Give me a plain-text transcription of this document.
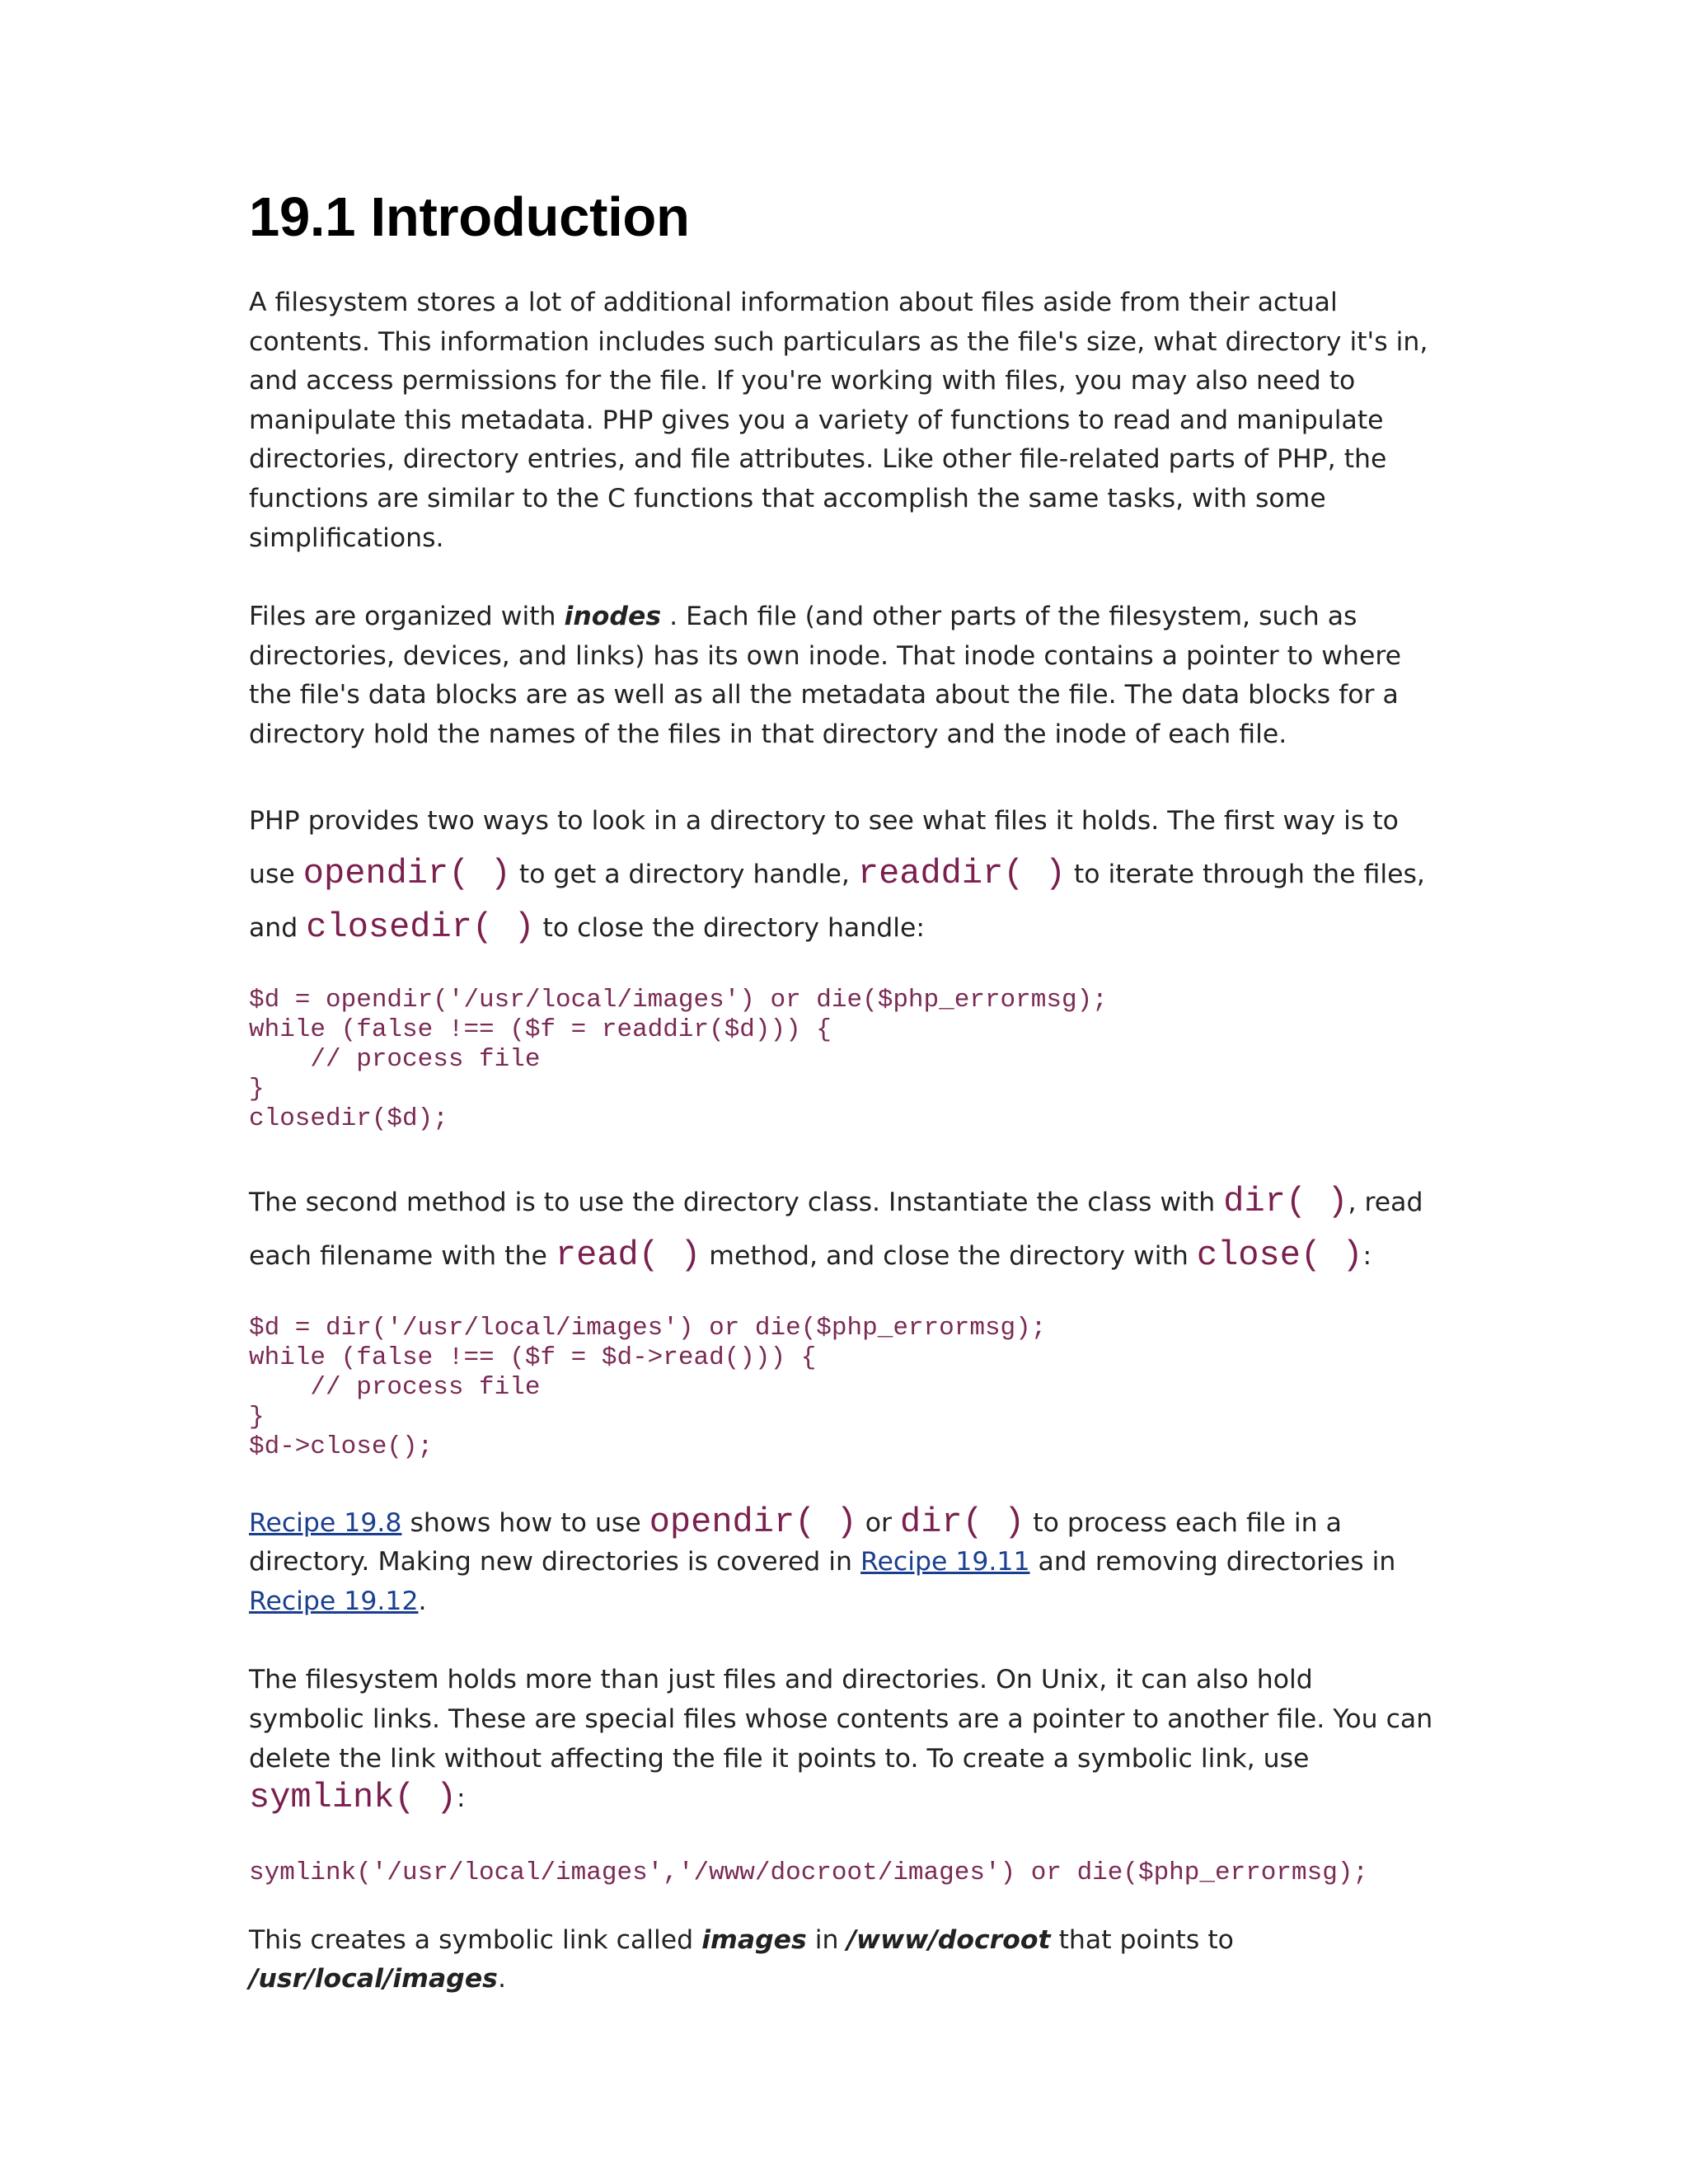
19.1 Introduction

A filesystem stores a lot of additional information about files aside from their actual contents. This information includes such particulars as the file's size, what directory it's in, and access permissions for the file. If you're working with files, you may also need to manipulate this metadata. PHP gives you a variety of functions to read and manipulate directories, directory entries, and file attributes. Like other file-related parts of PHP, the functions are similar to the C functions that accomplish the same tasks, with some simplifications.

Files are organized with inodes . Each file (and other parts of the filesystem, such as directories, devices, and links) has its own inode. That inode contains a pointer to where the file's data blocks are as well as all the metadata about the file. The data blocks for a directory hold the names of the files in that directory and the inode of each file.

PHP provides two ways to look in a directory to see what files it holds. The first way is to use opendir( ) to get a directory handle, readdir( ) to iterate through the files, and closedir( ) to close the directory handle:

$d = opendir('/usr/local/images') or die($php_errormsg);
while (false !== ($f = readdir($d))) {
// process file
}
closedir($d);

The second method is to use the directory class. Instantiate the class with dir( ), read each filename with the read( ) method, and close the directory with close( ):

$d = dir('/usr/local/images') or die($php_errormsg);
while (false !== ($f = $d->read())) {
// process file
}
$d->close();

Recipe 19.8 shows how to use opendir( ) or dir( ) to process each file in a directory. Making new directories is covered in Recipe 19.11 and removing directories in Recipe 19.12.

The filesystem holds more than just files and directories. On Unix, it can also hold symbolic links. These are special files whose contents are a pointer to another file. You can delete the link without affecting the file it points to. To create a symbolic link, use symlink( ):

symlink('/usr/local/images','/www/docroot/images') or die($php_errormsg);

This creates a symbolic link called images in /www/docroot that points to /usr/local/images.
